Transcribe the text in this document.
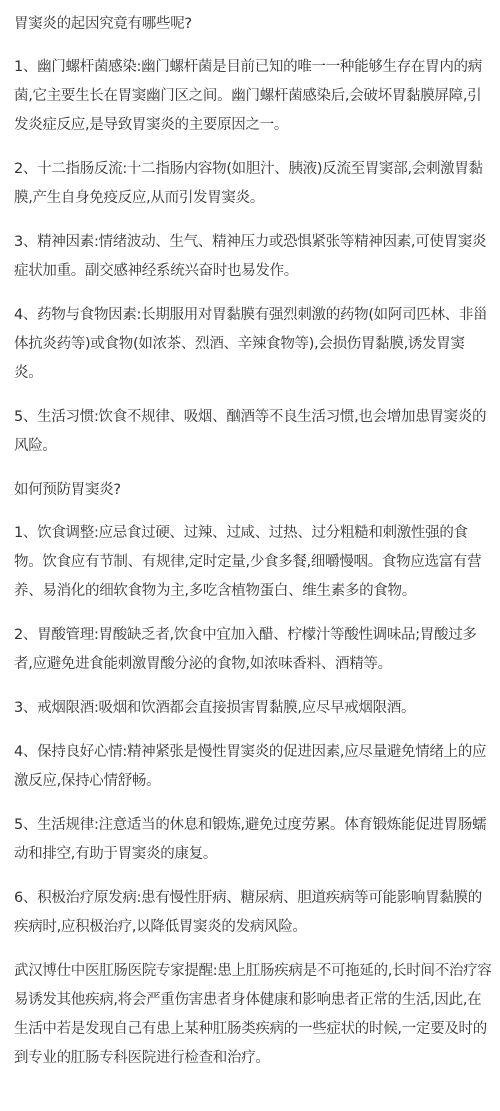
胃窦炎的起因究竟有哪些呢?

1、幽门螺杆菌感染:幽门螺杆菌是目前已知的唯一一种能够生存在胃内的病菌,它主要生长在胃窦幽门区之间。幽门螺杆菌感染后,会破坏胃黏膜屏障,引发炎症反应,是导致胃窦炎的主要原因之一。

2、十二指肠反流:十二指肠内容物(如胆汁、胰液)反流至胃窦部,会刺激胃黏膜,产生自身免疫反应,从而引发胃窦炎。

3、精神因素:情绪波动、生气、精神压力或恐惧紧张等精神因素,可使胃窦炎症状加重。副交感神经系统兴奋时也易发作。

4、药物与食物因素:长期服用对胃黏膜有强烈刺激的药物(如阿司匹林、非甾体抗炎药等)或食物(如浓茶、烈酒、辛辣食物等),会损伤胃黏膜,诱发胃窦炎。

5、生活习惯:饮食不规律、吸烟、酗酒等不良生活习惯,也会增加患胃窦炎的风险。

如何预防胃窦炎?

1、饮食调整:应忌食过硬、过辣、过咸、过热、过分粗糙和刺激性强的食物。饮食应有节制、有规律,定时定量,少食多餐,细嚼慢咽。食物应选富有营养、易消化的细软食物为主,多吃含植物蛋白、维生素多的食物。

2、胃酸管理:胃酸缺乏者,饮食中宜加入醋、柠檬汁等酸性调味品;胃酸过多者,应避免进食能刺激胃酸分泌的食物,如浓味香料、酒精等。

3、戒烟限酒:吸烟和饮酒都会直接损害胃黏膜,应尽早戒烟限酒。

4、保持良好心情:精神紧张是慢性胃窦炎的促进因素,应尽量避免情绪上的应激反应,保持心情舒畅。

5、生活规律:注意适当的休息和锻炼,避免过度劳累。体育锻炼能促进胃肠蠕动和排空,有助于胃窦炎的康复。

6、积极治疗原发病:患有慢性肝病、糖尿病、胆道疾病等可能影响胃黏膜的疾病时,应积极治疗,以降低胃窦炎的发病风险。

武汉博仕中医肛肠医院专家提醒:患上肛肠疾病是不可拖延的,长时间不治疗容易诱发其他疾病,将会严重伤害患者身体健康和影响患者正常的生活,因此,在生活中若是发现自己有患上某种肛肠类疾病的一些症状的时候,一定要及时的到专业的肛肠专科医院进行检查和治疗。
